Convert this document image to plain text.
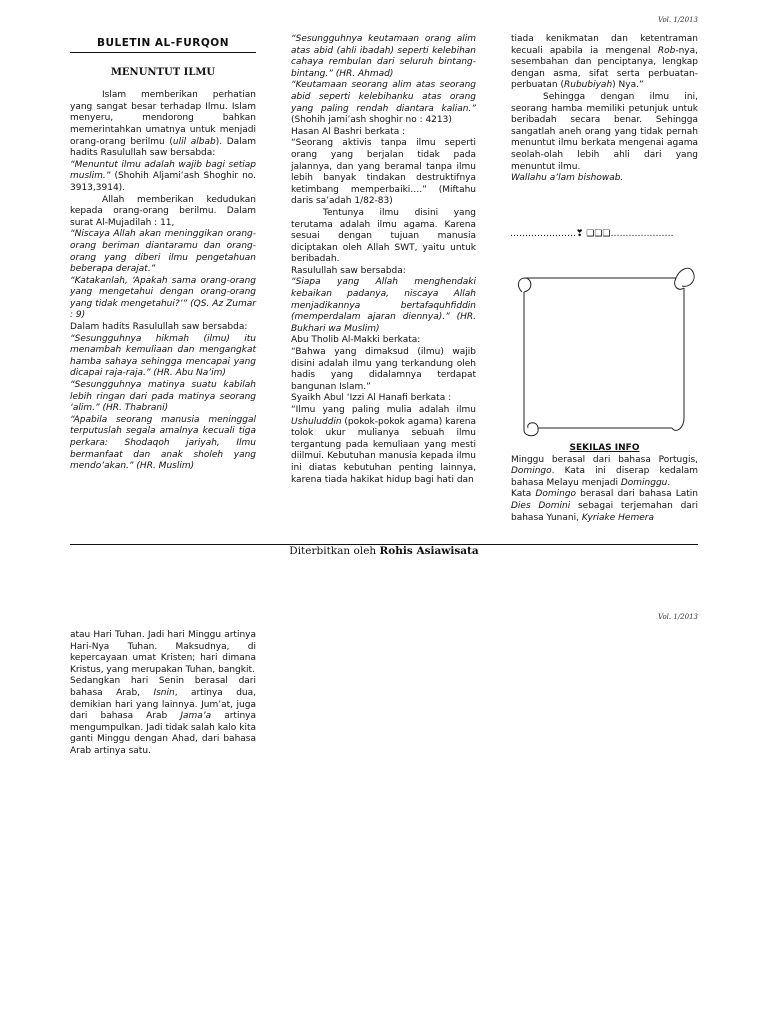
Vol. 1/2013
BULETIN AL-FURQON
MENUNTUT ILMU

Islam memberikan perhatian yang sangat besar terhadap Ilmu. Islam menyeru, mendorong bahkan memerintahkan umatnya untuk menjadi orang-orang berilmu (ulil albab). Dalam hadits Rasulullah saw bersabda:

“Menuntut ilmu adalah wajib bagi setiap muslim.” (Shohih Aljami’ash Shoghir no. 3913,3914).

Allah memberikan kedudukan kepada orang-orang berilmu. Dalam surat Al-Mujadilah : 11,

“Niscaya Allah akan meninggikan orang-orang beriman diantaramu dan orang-orang yang diberi ilmu pengetahuan beberapa derajat.”

“Katakanlah, ‘Apakah sama orang-orang yang mengetahui dengan orang-orang yang tidak mengetahui?’” (QS. Az Zumar : 9)

Dalam hadits Rasulullah saw bersabda:

“Sesungguhnya hikmah (ilmu) itu menambah kemuliaan dan mengangkat hamba sahaya sehingga mencapai yang dicapai raja-raja.” (HR. Abu Na’im)

“Sesungguhnya matinya suatu kabilah lebih ringan dari pada matinya seorang ‘alim.” (HR. Thabrani)

“Apabila seorang manusia meninggal terputuslah segala amalnya kecuali tiga perkara: Shodaqoh jariyah, Ilmu bermanfaat dan anak sholeh yang mendo’akan.” (HR. Muslim)

“Sesungguhnya keutamaan orang alim atas abid (ahli ibadah) seperti kelebihan cahaya rembulan dari seluruh bintang-bintang.” (HR. Ahmad)

“Keutamaan seorang alim atas seorang abid seperti kelebihanku atas orang yang paling rendah diantara kalian.” (Shohih jami’ash shoghir no : 4213)

Hasan Al Bashri berkata :

“Seorang aktivis tanpa ilmu seperti orang yang berjalan tidak pada jalannya, dan yang beramal tanpa ilmu lebih banyak tindakan destruktifnya ketimbang memperbaiki….” (Miftahu daris sa’adah 1/82-83)

Tentunya ilmu disini yang terutama adalah ilmu agama. Karena sesuai dengan tujuan manusia diciptakan oleh Allah SWT, yaitu untuk beribadah.

Rasulullah saw bersabda:

“Siapa yang Allah menghendaki kebaikan padanya, niscaya Allah menjadikannya bertafaquhfiddin (memperdalam ajaran diennya).” (HR. Bukhari wa Muslim)

Abu Tholib Al-Makki berkata:

“Bahwa yang dimaksud (ilmu) wajib disini adalah ilmu yang terkandung oleh hadis yang didalamnya terdapat bangunan Islam.”

Syaikh Abul ‘Izzi Al Hanafi berkata :

“Ilmu yang paling mulia adalah ilmu Ushuluddin (pokok-pokok agama) karena tolok ukur mulianya sebuah ilmu tergantung pada kemuliaan yang mesti diilmui. Kebutuhan manusia kepada ilmu ini diatas kebutuhan penting lainnya, karena tiada hakikat hidup bagi hati dan

tiada kenikmatan dan ketentraman kecuali apabila ia mengenal Rob-nya, sesembahan dan penciptanya, lengkap dengan asma, sifat serta perbuatan-perbuatan (Rububiyah) Nya.”

Sehingga dengan ilmu ini, seorang hamba memiliki petunjuk untuk beribadah secara benar. Sehingga sangatlah aneh orang yang tidak pernah menuntut ilmu berkata mengenai agama seolah-olah lebih ahli dari yang menuntut ilmu.

Wallahu a’lam bishowab.

………………….❣ ❑❑❑…………………

SEKILAS INFO

Minggu berasal dari bahasa Portugis, Domingo. Kata ini diserap kedalam bahasa Melayu menjadi Dominggu.

Kata Domingo berasal dari bahasa Latin Dies Domini sebagai terjemahan dari bahasa Yunani, Kyriake Hemera

Diterbitkan oleh Rohis Asiawisata
Vol. 1/2013

atau Hari Tuhan. Jadi hari Minggu artinya Hari-Nya Tuhan. Maksudnya, di kepercayaan umat Kristen; hari dimana Kristus, yang merupakan Tuhan, bangkit.

Sedangkan hari Senin berasal dari bahasa Arab, Isnin, artinya dua, demikian hari yang lainnya. Jum’at, juga dari bahasa Arab Jama’a artinya mengumpulkan. Jadi tidak salah kalo kita ganti Minggu dengan Ahad, dari bahasa Arab artinya satu.
